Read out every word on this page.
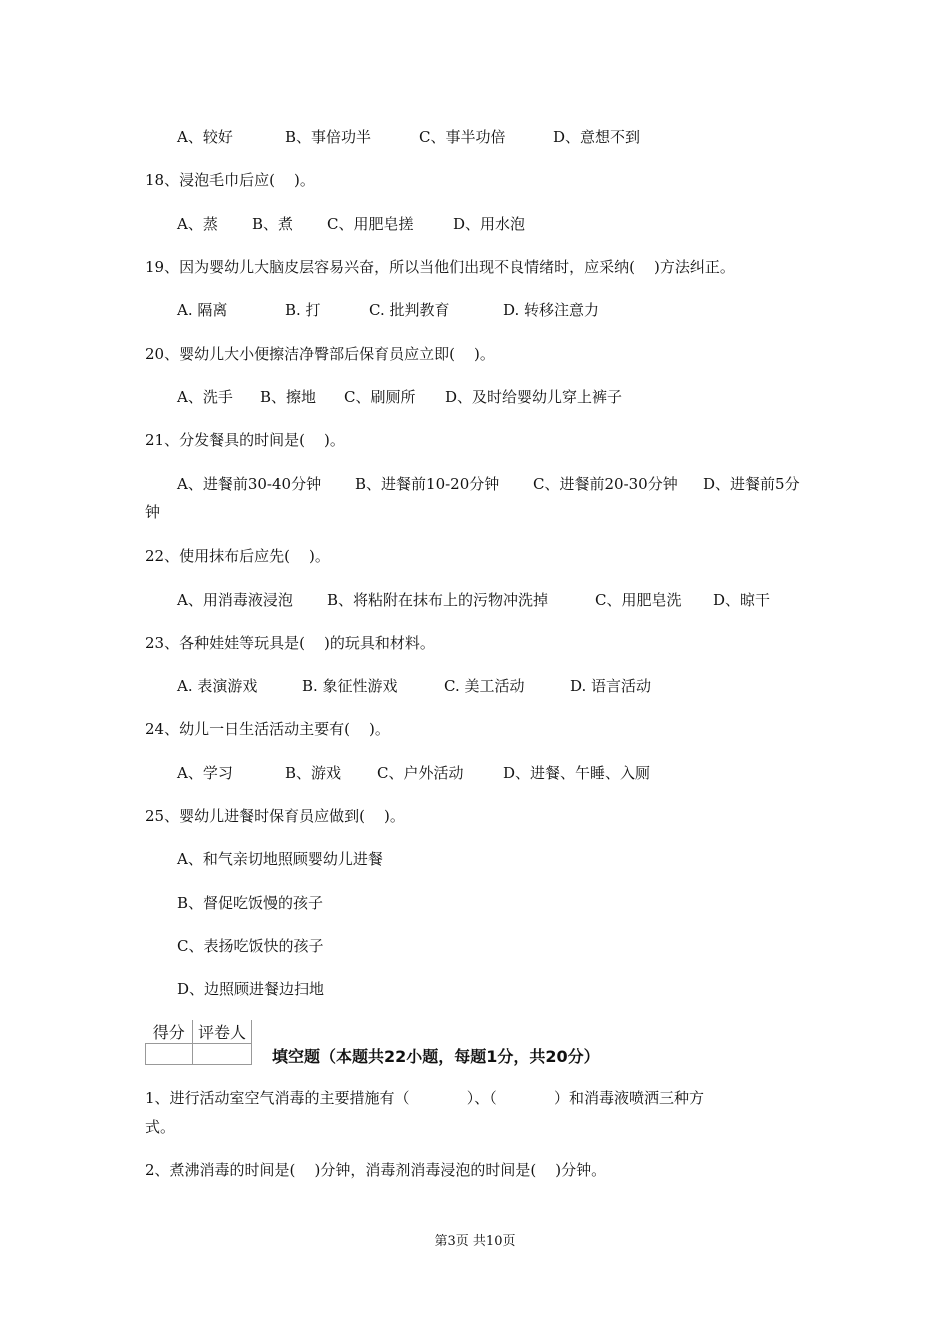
A、较好

	B、事倍功半

	C、事半功倍

	D、意想不到

18、浸泡毛巾后应(    )。

A、蒸

B、煮

C、用肥皂搓

	D、用水泡

19、因为婴幼儿大脑皮层容易兴奋，所以当他们出现不良情绪时，应采纳(    )方法纠正。

A. 隔离

	B. 打

	C. 批判教育

	D. 转移注意力

20、婴幼儿大小便擦洁净臀部后保育员应立即(    )。

A、洗手

B、擦地

C、刷厕所

D、及时给婴幼儿穿上裤子

21、分发餐具的时间是(    )。

A、进餐前30-40分钟

B、进餐前10-20分钟

C、进餐前20-30分钟

D、进餐前5分

钟
22、使用抹布后应先(    )。

A、用消毒液浸泡

B、将粘附在抹布上的污物冲洗掉

	C、用肥皂洗

D、晾干

23、各种娃娃等玩具是(    )的玩具和材料。

A. 表演游戏

	B. 象征性游戏

	C. 美工活动

	D. 语言活动

24、幼儿一日生活活动主要有(    )。

A、学习

	B、游戏

C、户外活动

	D、进餐、午睡、入厕

25、婴幼儿进餐时保育员应做到(    )。
A、和气亲切地照顾婴幼儿进餐
B、督促吃饭慢的孩子
C、表扬吃饭快的孩子
D、边照顾进餐边扫地
得分	评卷人

填空题（本题共22小题，每题1分，共20分）
1、进行活动室空气消毒的主要措施有（            ）、（            ）和消毒液喷洒三种方
式。
2、煮沸消毒的时间是(    )分钟，消毒剂消毒浸泡的时间是(    )分钟。
第3页 共10页
